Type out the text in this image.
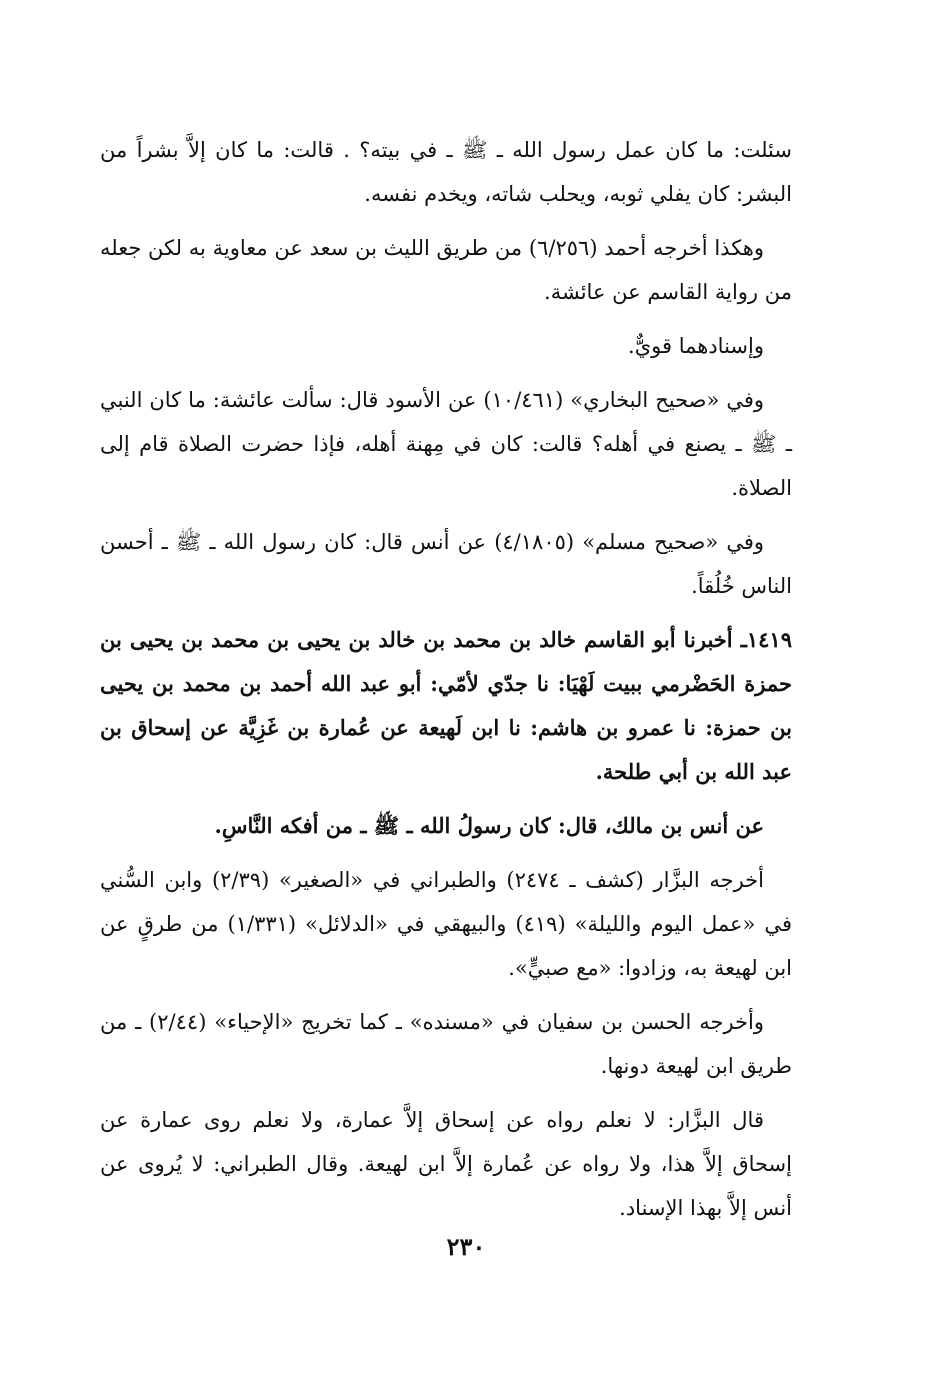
سئلت: ما كان عمل رسول الله ـ ﷺ ـ في بيته؟ . قالت: ما كان إلاَّ بشراً من البشر: كان يفلي ثوبه، ويحلب شاته، ويخدم نفسه.

وهكذا أخرجه أحمد (٦/٢٥٦) من طريق الليث بن سعد عن معاوية به لكن جعله من رواية القاسم عن عائشة.

وإسنادهما قويٌّ.

وفي «صحيح البخاري» (١٠/٤٦١) عن الأسود قال: سألت عائشة: ما كان النبي ـ ﷺ ـ يصنع في أهله؟ قالت: كان في مِهنة أهله، فإذا حضرت الصلاة قام إلى الصلاة.

وفي «صحيح مسلم» (٤/١٨٠٥) عن أنس قال: كان رسول الله ـ ﷺ ـ أحسن الناس خُلُقاً.

١٤١٩ـ أخبرنا أبو القاسم خالد بن محمد بن خالد بن يحيى بن محمد بن يحيى بن حمزة الحَضْرمي ببيت لَهْيَا: نا جدّي لأمّي: أبو عبد الله أحمد بن محمد بن يحيى بن حمزة: نا عمرو بن هاشم: نا ابن لَهيعة عن عُمارة بن غَزِيَّة عن إسحاق بن عبد الله بن أبي طلحة.

عن أنس بن مالك، قال: كان رسولُ الله ـ ﷺ ـ من أفكه النَّاسِ.

أخرجه البزَّار (كشف ـ ٢٤٧٤) والطبراني في «الصغير» (٢/٣٩) وابن السُّني في «عمل اليوم والليلة» (٤١٩) والبيهقي في «الدلائل» (١/٣٣١) من طرقٍ عن ابن لهيعة به، وزادوا: «مع صبيٍّ».

وأخرجه الحسن بن سفيان في «مسنده» ـ كما تخريج «الإحياء» (٢/٤٤) ـ من طريق ابن لهيعة دونها.

قال البزَّار: لا نعلم رواه عن إسحاق إلاَّ عمارة، ولا نعلم روى عمارة عن إسحاق إلاَّ هذا، ولا رواه عن عُمارة إلاَّ ابن لهيعة. وقال الطبراني: لا يُروى عن أنس إلاَّ بهذا الإسناد.

٢٣٠
